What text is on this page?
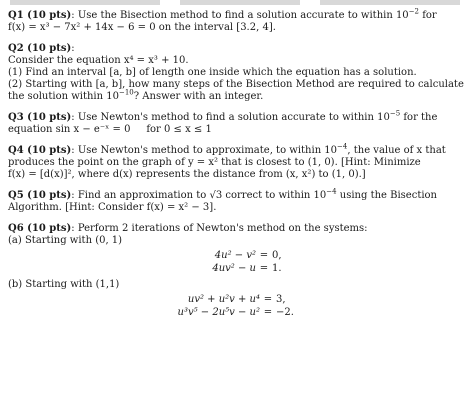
Q1 (10 pts): Use the Bisection method to find a solution accurate to within $10^{-2}$ for
f(x) = x³ − 7x² + 14x − 6 = 0 on the interval [3.2, 4].
Q2 (10 pts):
Consider the equation x⁴ = x³ + 10.
(1) Find an interval [a, b] of length one inside which the equation has a solution.
(2) Starting with [a, b], how many steps of the Bisection Method are required to calculate
the solution within $10^{-10}$? Answer with an integer.
Q3 (10 pts): Use Newton's method to find a solution accurate to within $10^{-5}$ for the
equation sin x − e⁻ˣ = 0     for 0 ≤ x ≤ 1
Q4 (10 pts): Use Newton's method to approximate, to within $10^{-4}$, the value of x that
produces the point on the graph of y = x² that is closest to (1, 0). [Hint: Minimize
f(x) = [d(x)]², where d(x) represents the distance from (x, x²) to (1, 0).]
Q5 (10 pts): Find an approximation to √3 correct to within $10^{-4}$ using the Bisection
Algorithm. [Hint: Consider f(x) = x² − 3].
Q6 (10 pts): Perform 2 iterations of Newton's method on the systems:
(a) Starting with (0, 1)
4u² − v² = 0,
4uv² − u = 1.
(b) Starting with (1,1)
uv² + u²v + u⁴ = 3,
u³v⁵ − 2u⁵v − u² = −2.
